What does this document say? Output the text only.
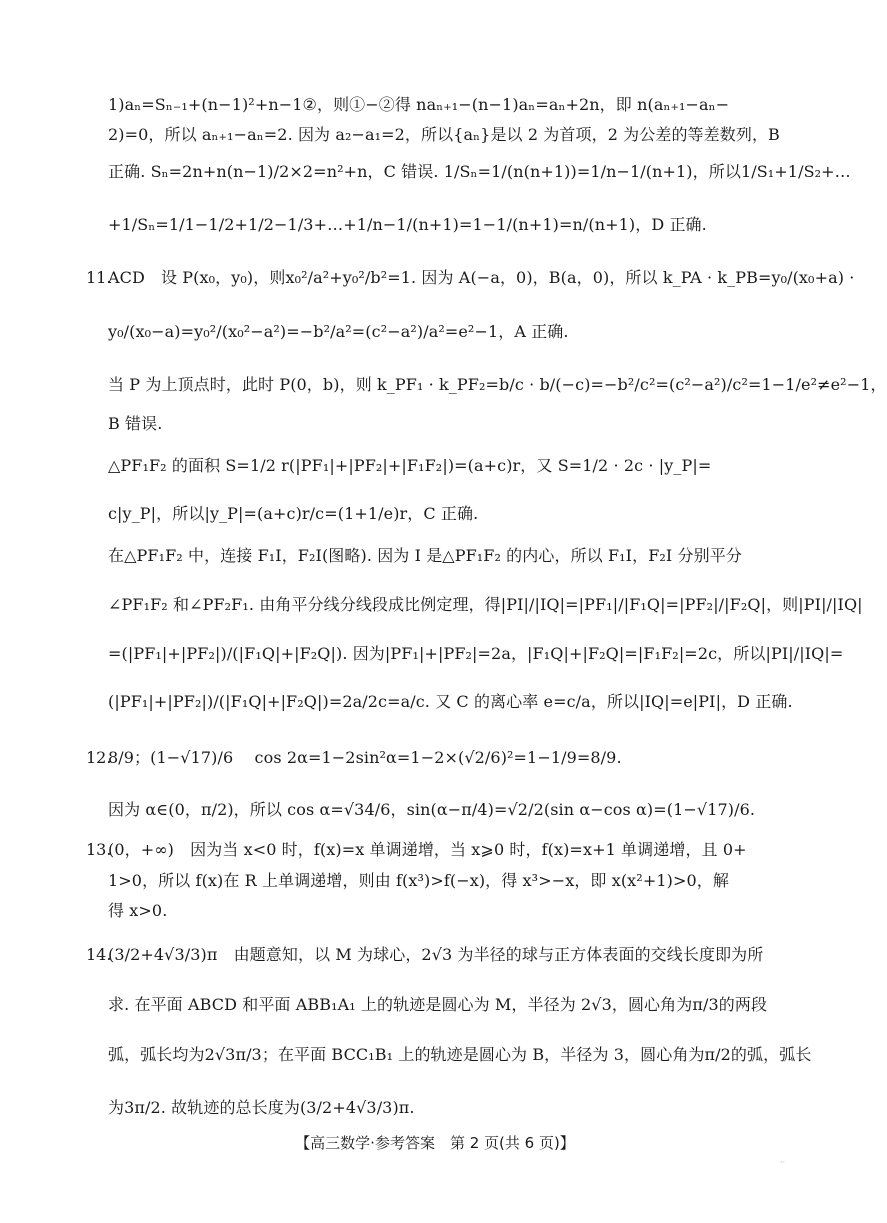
1)aₙ=Sₙ₋₁+(n−1)²+n−1②，则①−②得 naₙ₊₁−(n−1)aₙ=aₙ+2n，即 n(aₙ₊₁−aₙ−
2)=0，所以 aₙ₊₁−aₙ=2. 因为 a₂−a₁=2，所以{aₙ}是以 2 为首项，2 为公差的等差数列，B
正确. Sₙ=2n+n(n−1)/2×2=n²+n，C 错误. 1/Sₙ=1/(n(n+1))=1/n−1/(n+1)，所以1/S₁+1/S₂+…
+1/Sₙ=1/1−1/2+1/2−1/3+…+1/n−1/(n+1)=1−1/(n+1)=n/(n+1)，D 正确.
11.
ACD　设 P(x₀，y₀)，则x₀²/a²+y₀²/b²=1. 因为 A(−a，0)，B(a，0)，所以 k_PA · k_PB=y₀/(x₀+a) ·
y₀/(x₀−a)=y₀²/(x₀²−a²)=−b²/a²=(c²−a²)/a²=e²−1，A 正确.
当 P 为上顶点时，此时 P(0，b)，则 k_PF₁ · k_PF₂=b/c · b/(−c)=−b²/c²=(c²−a²)/c²=1−1/e²≠e²−1，
B 错误.
△PF₁F₂ 的面积 S=1/2 r(|PF₁|+|PF₂|+|F₁F₂|)=(a+c)r，又 S=1/2 · 2c · |y_P|=
c|y_P|，所以|y_P|=(a+c)r/c=(1+1/e)r，C 正确.
在△PF₁F₂ 中，连接 F₁I，F₂I(图略). 因为 I 是△PF₁F₂ 的内心，所以 F₁I，F₂I 分别平分
∠PF₁F₂ 和∠PF₂F₁. 由角平分线分线段成比例定理，得|PI|/|IQ|=|PF₁|/|F₁Q|=|PF₂|/|F₂Q|，则|PI|/|IQ|
=(|PF₁|+|PF₂|)/(|F₁Q|+|F₂Q|). 因为|PF₁|+|PF₂|=2a，|F₁Q|+|F₂Q|=|F₁F₂|=2c，所以|PI|/|IQ|=
(|PF₁|+|PF₂|)/(|F₁Q|+|F₂Q|)=2a/2c=a/c. 又 C 的离心率 e=c/a，所以|IQ|=e|PI|，D 正确.
12.
8/9；(1−√17)/6　 cos 2α=1−2sin²α=1−2×(√2/6)²=1−1/9=8/9.
因为 α∈(0，π/2)，所以 cos α=√34/6，sin(α−π/4)=√2/2(sin α−cos α)=(1−√17)/6.
13.
(0，+∞)　因为当 x<0 时，f(x)=x 单调递增，当 x⩾0 时，f(x)=x+1 单调递增，且 0+
1>0，所以 f(x)在 R 上单调递增，则由 f(x³)>f(−x)，得 x³>−x，即 x(x²+1)>0，解
得 x>0.
14.
(3/2+4√3/3)π　由题意知，以 M 为球心，2√3 为半径的球与正方体表面的交线长度即为所
求. 在平面 ABCD 和平面 ABB₁A₁ 上的轨迹是圆心为 M，半径为 2√3，圆心角为π/3的两段
弧，弧长均为2√3π/3；在平面 BCC₁B₁ 上的轨迹是圆心为 B，半径为 3，圆心角为π/2的弧，弧长
为3π/2. 故轨迹的总长度为(3/2+4√3/3)π.
【高三数学·参考答案　第 2 页(共 6 页)】
··
